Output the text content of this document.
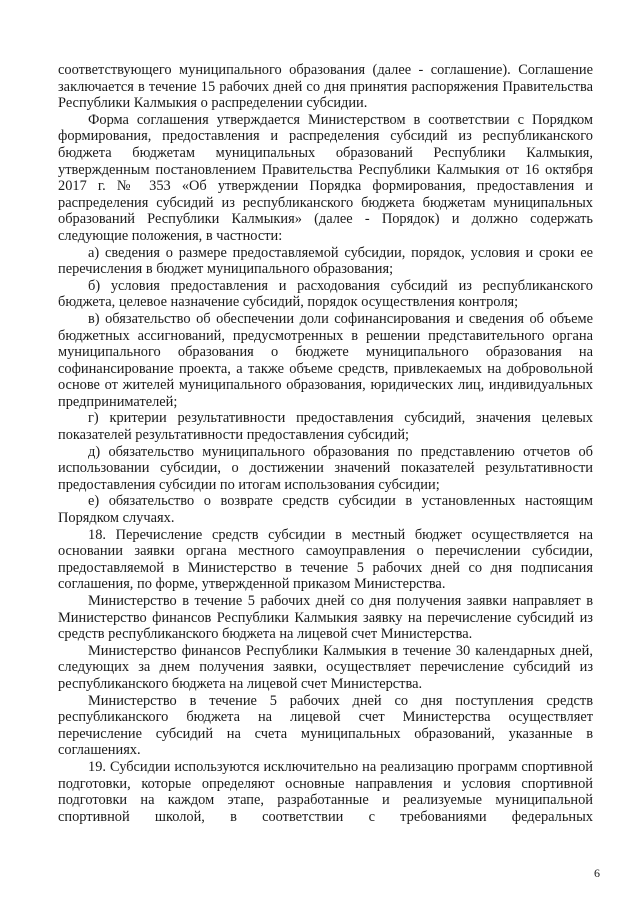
соответствующего муниципального образования (далее - соглашение). Соглашение заключается в течение 15 рабочих дней со дня принятия распоряжения Правительства Республики Калмыкия о распределении субсидии.

Форма соглашения утверждается Министерством в соответствии с Порядком формирования, предоставления и распределения субсидий из республиканского бюджета бюджетам муниципальных образований Республики Калмыкия, утвержденным постановлением Правительства Республики Калмыкия от 16 октября 2017 г. № 353 «Об утверждении Порядка формирования, предоставления и распределения субсидий из республиканского бюджета бюджетам муниципальных образований Республики Калмыкия» (далее - Порядок) и должно содержать следующие положения, в частности:

а) сведения о размере предоставляемой субсидии, порядок, условия и сроки ее перечисления в бюджет муниципального образования;

б) условия предоставления и расходования субсидий из республиканского бюджета, целевое назначение субсидий, порядок осуществления контроля;

в) обязательство об обеспечении доли софинансирования и сведения об объеме бюджетных ассигнований, предусмотренных в решении представительного органа муниципального образования о бюджете муниципального образования на софинансирование проекта, а также объеме средств, привлекаемых на добровольной основе от жителей муниципального образования, юридических лиц, индивидуальных предпринимателей;

г) критерии результативности предоставления субсидий, значения целевых показателей результативности предоставления субсидий;

д) обязательство муниципального образования по представлению отчетов об использовании субсидии, о достижении значений показателей результативности предоставления субсидии по итогам использования субсидии;

е) обязательство о возврате средств субсидии в установленных настоящим Порядком случаях.

18. Перечисление средств субсидии в местный бюджет осуществляется на основании заявки органа местного самоуправления о перечислении субсидии, предоставляемой в Министерство в течение 5 рабочих дней со дня подписания соглашения, по форме, утвержденной приказом Министерства.

Министерство в течение 5 рабочих дней со дня получения заявки направляет в Министерство финансов Республики Калмыкия заявку на перечисление субсидий из средств республиканского бюджета на лицевой счет Министерства.

Министерство финансов Республики Калмыкия в течение 30 календарных дней, следующих за днем получения заявки, осуществляет перечисление субсидий из республиканского бюджета на лицевой счет Министерства.

Министерство в течение 5 рабочих дней со дня поступления средств республиканского бюджета на лицевой счет Министерства осуществляет перечисление субсидий на счета муниципальных образований, указанные в соглашениях.

19. Субсидии используются исключительно на реализацию программ спортивной подготовки, которые определяют основные направления и условия спортивной подготовки на каждом этапе, разработанные и реализуемые муниципальной спортивной школой, в соответствии с требованиями федеральных

6
